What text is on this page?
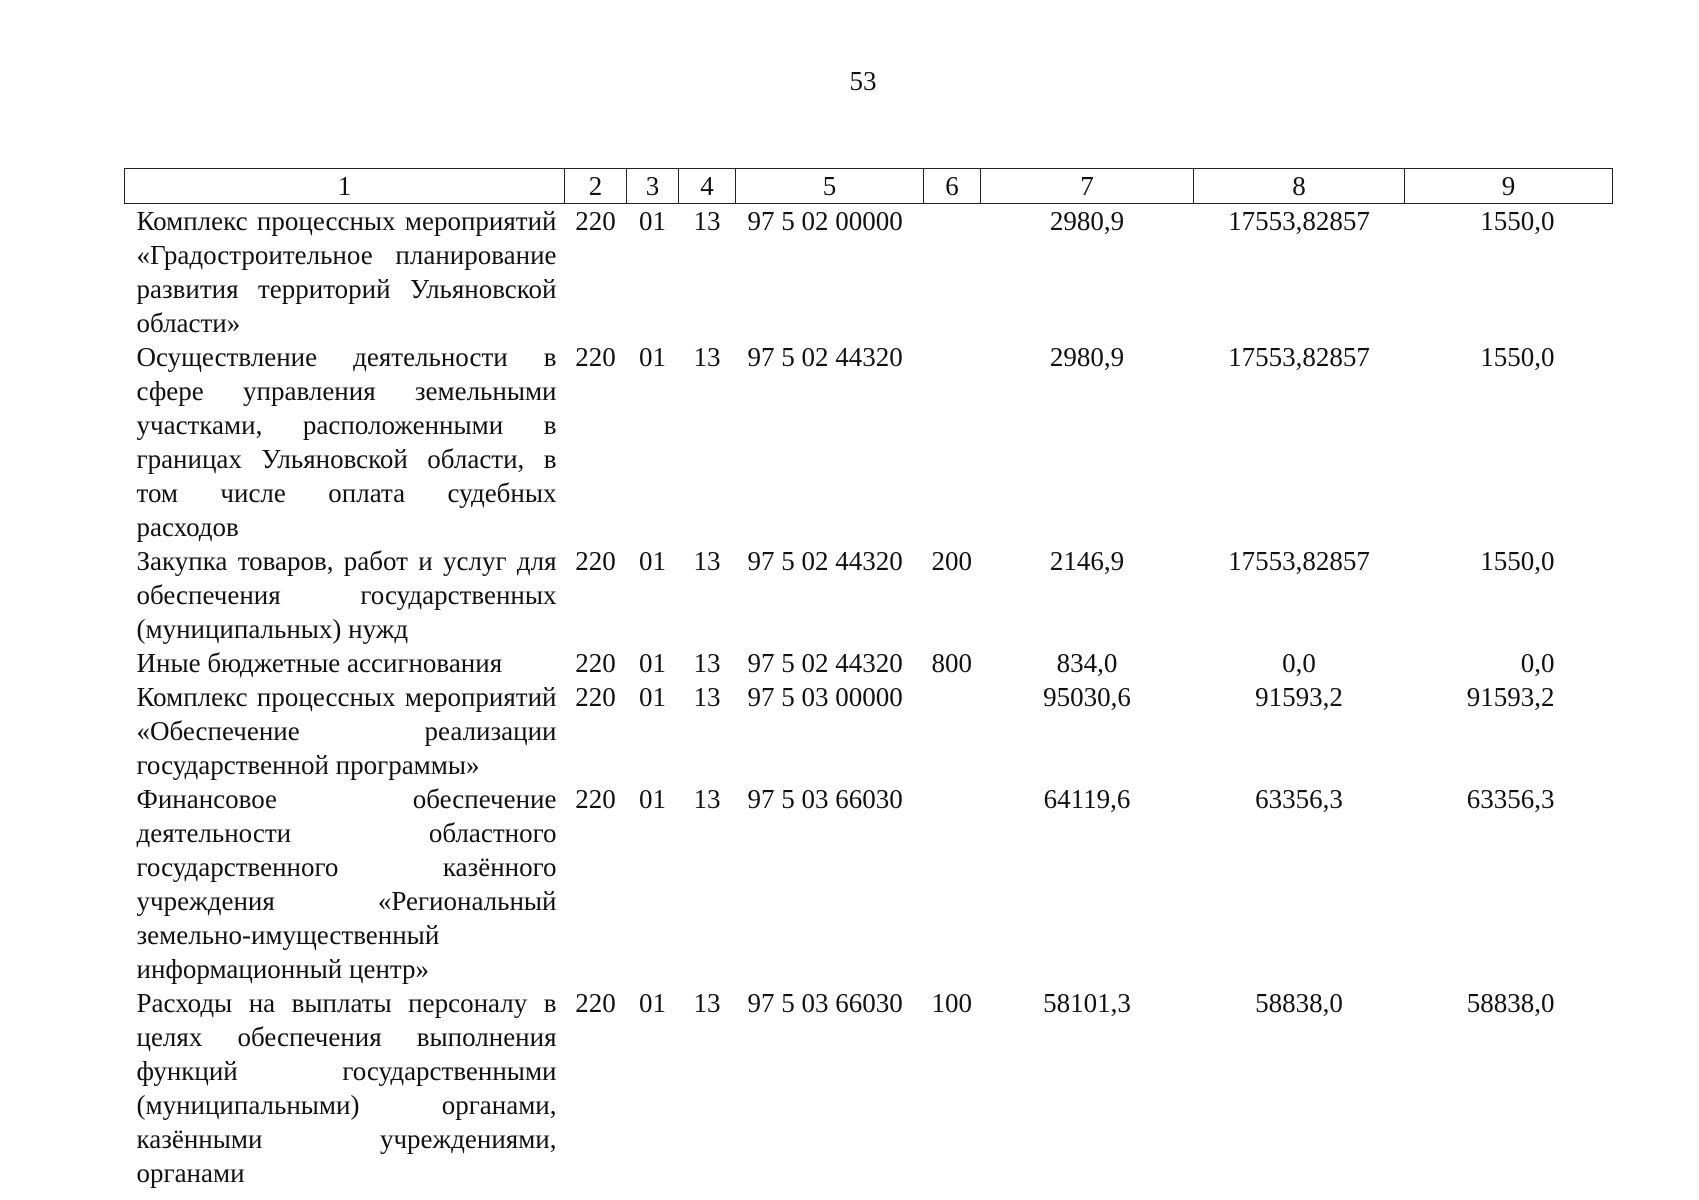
53
1	2	3	4	5	6	7	8	9
Комплекс процессных мероприятий «Градостроительное планирование развития территорий Ульяновской области»	220	01	13	97 5 02 00000		2980,9	17553,82857	1550,0
Осуществление деятельности в сфере управления земельными участками, расположенными в границах Ульяновской области, в том числе оплата судебных расходов	220	01	13	97 5 02 44320		2980,9	17553,82857	1550,0
Закупка товаров, работ и услуг для обеспечения государственных (муниципальных) нужд	220	01	13	97 5 02 44320	200	2146,9	17553,82857	1550,0
Иные бюджетные ассигнования	220	01	13	97 5 02 44320	800	834,0	0,0	0,0
Комплекс процессных мероприятий «Обеспечение реализации государственной программы»	220	01	13	97 5 03 00000		95030,6	91593,2	91593,2
Финансовое обеспечение деятельности областного государственного казённого учреждения «Региональный земельно-имущественный информационный центр»	220	01	13	97 5 03 66030		64119,6	63356,3	63356,3
Расходы на выплаты персоналу в целях обеспечения выполнения функций государственными (муниципальными) органами, казёнными учреждениями, органами	220	01	13	97 5 03 66030	100	58101,3	58838,0	58838,0
